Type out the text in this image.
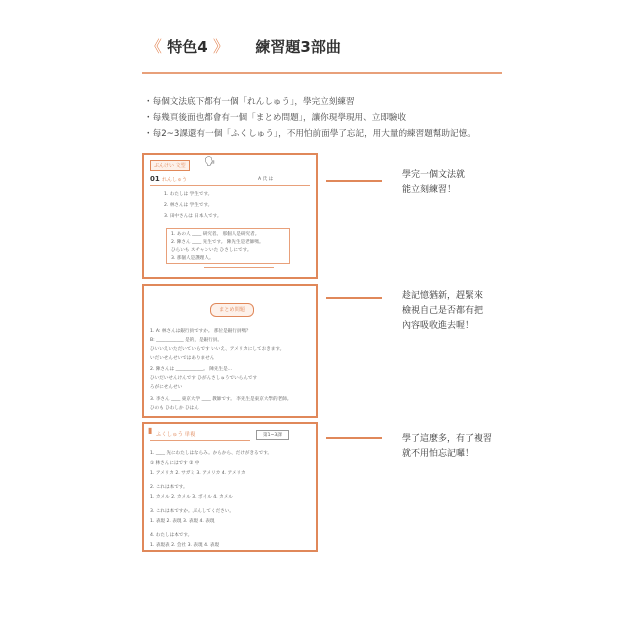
《 特色4 》 練習題3部曲
・每個文法底下都有一個「れんしゅう」，學完立刻練習
・每幾頁後面也都會有一個「まとめ問題」，讓你現學現用、立即驗收
・每2~3課還有一個「ふくしゅう」，不用怕前面學了忘記，用大量的練習題幫助記憶。
ぶんけい 文型	🗣
01 れんしゅう	A 氏 は
1. わたしは 学生です。
2. 林さんは 学生です。
3. 田中さんは 日本人です。
1. あの人 ____ 研究者。 那個人是研究者。
2. 陳さん ____ 先生です。 陳先生是老師嗎。
ひらいも スチャンいた ひさしにです。
3. 那個人是護理人。
まとめ問題
1. A: 林さんは銀行員ですか。 那位是銀行員嗎？
B: ____________ 是的，是銀行員。
ひいいえいただいていらです いいえ、アメリカにしておきます。
いだいせんせいではありません
2. 陳さんは ____________。 陳先生是...
ひいだいせんけんです ひがんさしゅうでいらんです
ろがにせんせい
3. 李さん ____ 東京大学 ____ 教師です。 李先生是東京大學的老師。
ひのも ひわしか ひはん
▮ ふくしゅう 単複	第1~3課
1. ____ 先にわたしはならみ。からから、だけがきるです。
① 林さんにはです ② 中
1. アメリカ 2. サガミ 3. アメリカ 4. アメリカ
2. これは本です。
1. カメル 2. カメル 3. ボイル 4. カメル
3. これは本ですか。ぶんしてください。
1. 表現 2. 表現 3. 表現 4. 表現
4. わたしは本です。
1. 表現表 2. 会社 3. 表現 4. 表現
學完一個文法就
能立刻練習！
趁記憶猶新，趕緊來
檢視自己是否都有把
內容吸收進去喔！
學了這麼多，有了複習
就不用怕忘記囉！
